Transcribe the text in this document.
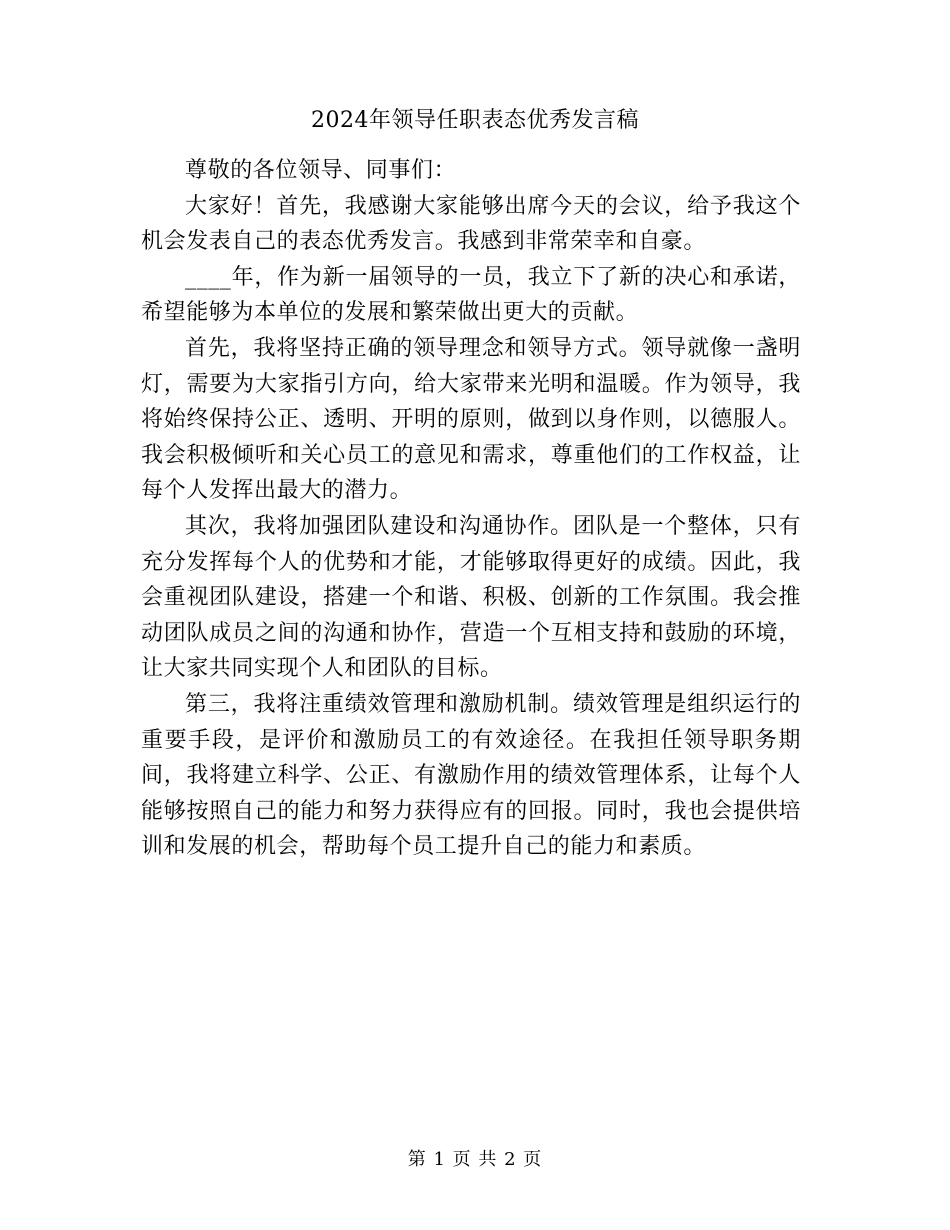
2024年领导任职表态优秀发言稿

尊敬的各位领导、同事们：

大家好！首先，我感谢大家能够出席今天的会议，给予我这个机会发表自己的表态优秀发言。我感到非常荣幸和自豪。

____年，作为新一届领导的一员，我立下了新的决心和承诺，希望能够为本单位的发展和繁荣做出更大的贡献。

首先，我将坚持正确的领导理念和领导方式。领导就像一盏明灯，需要为大家指引方向，给大家带来光明和温暖。作为领导，我将始终保持公正、透明、开明的原则，做到以身作则，以德服人。我会积极倾听和关心员工的意见和需求，尊重他们的工作权益，让每个人发挥出最大的潜力。

其次，我将加强团队建设和沟通协作。团队是一个整体，只有充分发挥每个人的优势和才能，才能够取得更好的成绩。因此，我会重视团队建设，搭建一个和谐、积极、创新的工作氛围。我会推动团队成员之间的沟通和协作，营造一个互相支持和鼓励的环境，让大家共同实现个人和团队的目标。

第三，我将注重绩效管理和激励机制。绩效管理是组织运行的重要手段，是评价和激励员工的有效途径。在我担任领导职务期间，我将建立科学、公正、有激励作用的绩效管理体系，让每个人能够按照自己的能力和努力获得应有的回报。同时，我也会提供培训和发展的机会，帮助每个员工提升自己的能力和素质。

第 1 页 共 2 页
